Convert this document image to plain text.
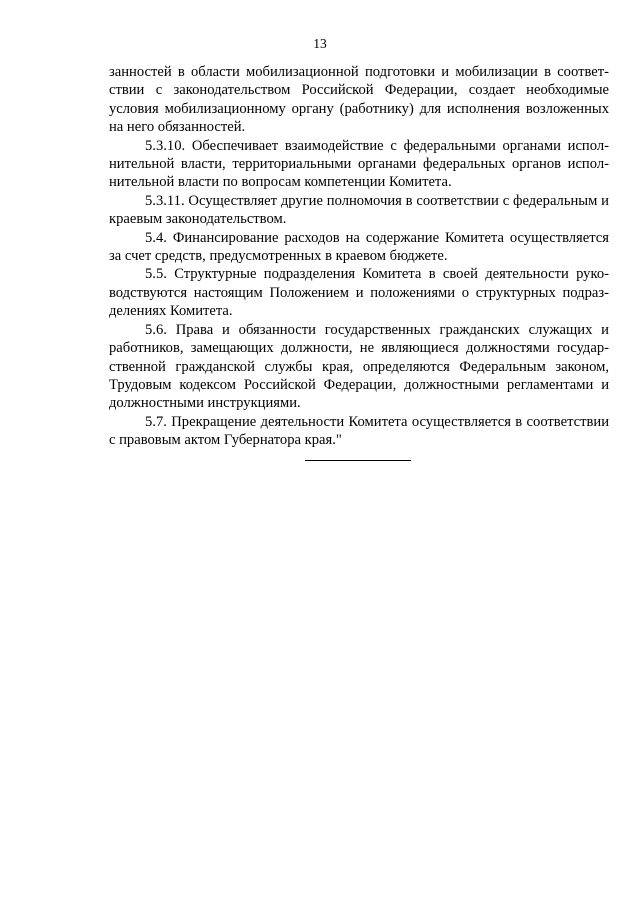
13

занностей в области мобилизационной подготовки и мобилизации в соответствии с законодательством Российской Федерации, создает необходимые условия мобилизационному органу (работнику) для исполнения возложенных на него обязанностей.

5.3.10. Обеспечивает взаимодействие с федеральными органами исполнительной власти, территориальными органами федеральных органов исполнительной власти по вопросам компетенции Комитета.

5.3.11. Осуществляет другие полномочия в соответствии с федеральным и краевым законодательством.

5.4. Финансирование расходов на содержание Комитета осуществляется за счет средств, предусмотренных в краевом бюджете.

5.5. Структурные подразделения Комитета в своей деятельности руководствуются настоящим Положением и положениями о структурных подразделениях Комитета.

5.6. Права и обязанности государственных гражданских служащих и работников, замещающих должности, не являющиеся должностями государственной гражданской службы края, определяются Федеральным законом, Трудовым кодексом Российской Федерации, должностными регламентами и должностными инструкциями.

5.7. Прекращение деятельности Комитета осуществляется в соответствии с правовым актом Губернатора края."
